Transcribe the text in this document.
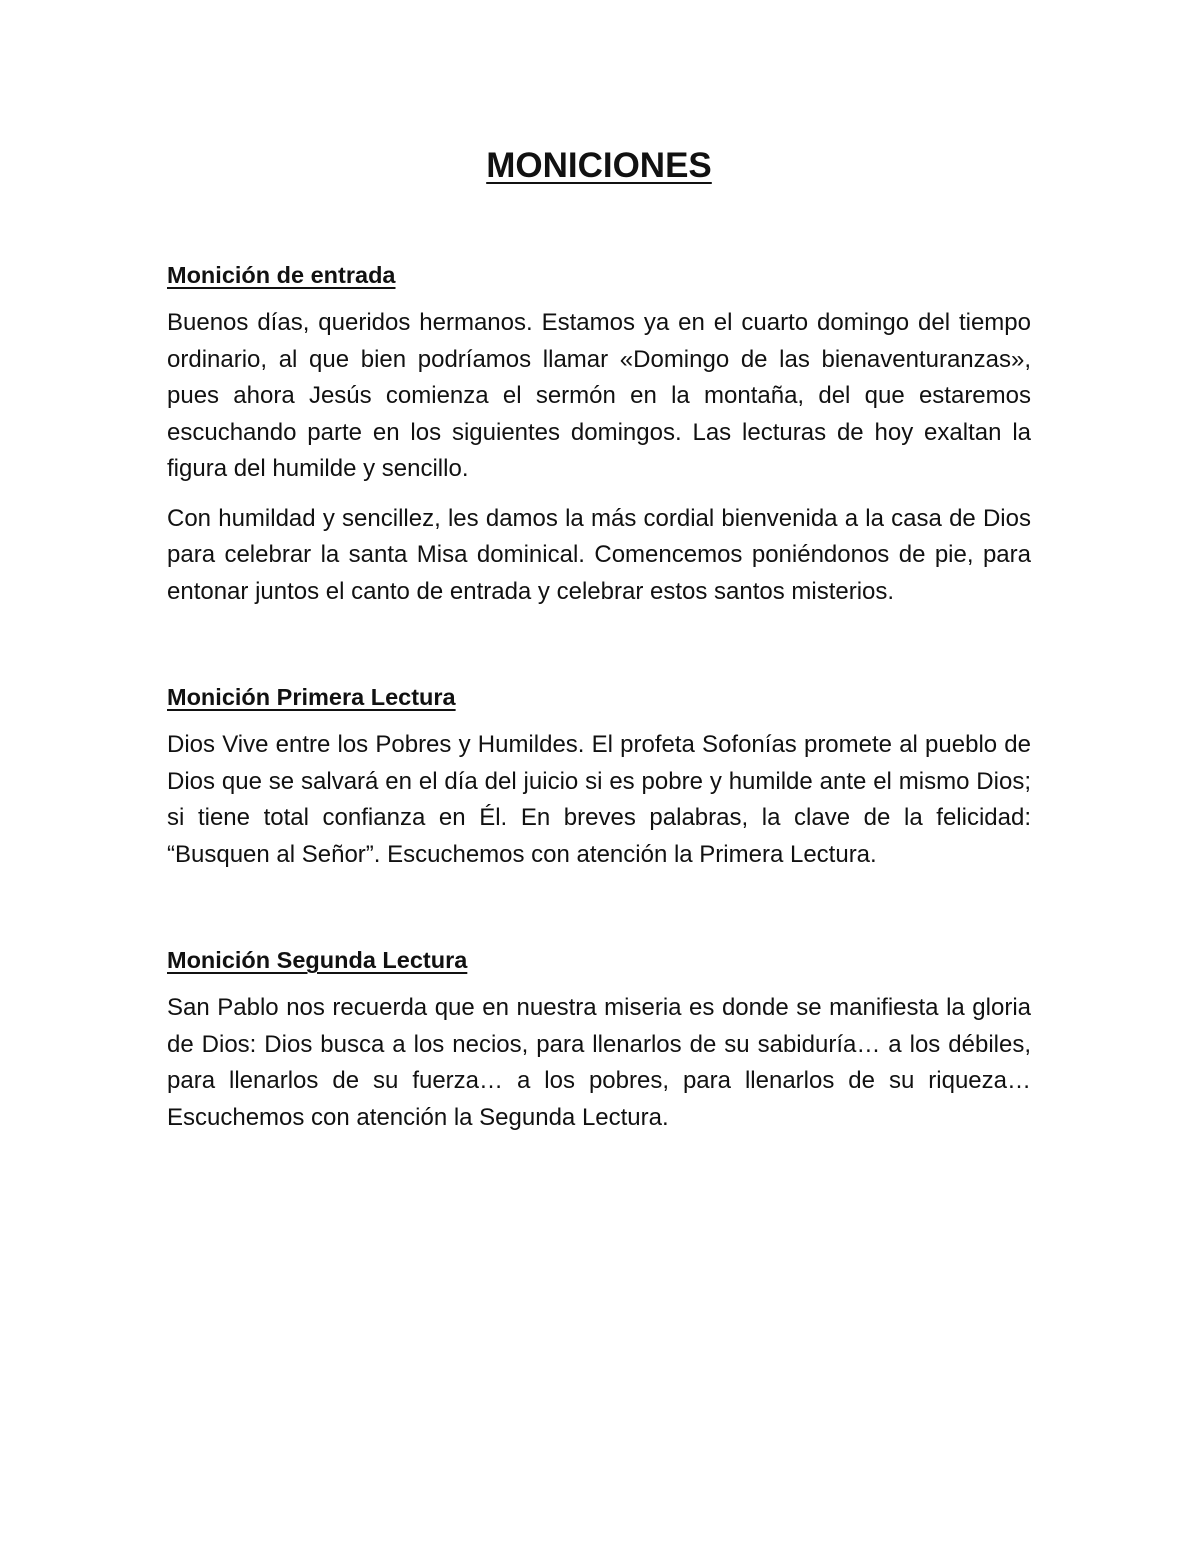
MONICIONES
Monición de entrada

Buenos días, queridos hermanos. Estamos ya en el cuarto domingo del tiempo ordinario, al que bien podríamos llamar «Domingo de las bienaventuranzas», pues ahora Jesús comienza el sermón en la montaña, del que estaremos escuchando parte en los siguientes domingos. Las lecturas de hoy exaltan la figura del humilde y sencillo.

Con humildad y sencillez, les damos la más cordial bienvenida a la casa de Dios para celebrar la santa Misa dominical. Comencemos poniéndonos de pie, para entonar juntos el canto de entrada y celebrar estos santos misterios.

Monición Primera Lectura

Dios Vive entre los Pobres y Humildes. El profeta Sofonías promete al pueblo de Dios que se salvará en el día del juicio si es pobre y humilde ante el mismo Dios; si tiene total confianza en Él. En breves palabras, la clave de la felicidad: “Busquen al Señor”. Escuchemos con atención la Primera Lectura.

Monición Segunda Lectura

San Pablo nos recuerda que en nuestra miseria es donde se manifiesta la gloria de Dios: Dios busca a los necios, para llenarlos de su sabiduría… a los débiles, para llenarlos de su fuerza… a los pobres, para llenarlos de su riqueza… Escuchemos con atención la Segunda Lectura.
